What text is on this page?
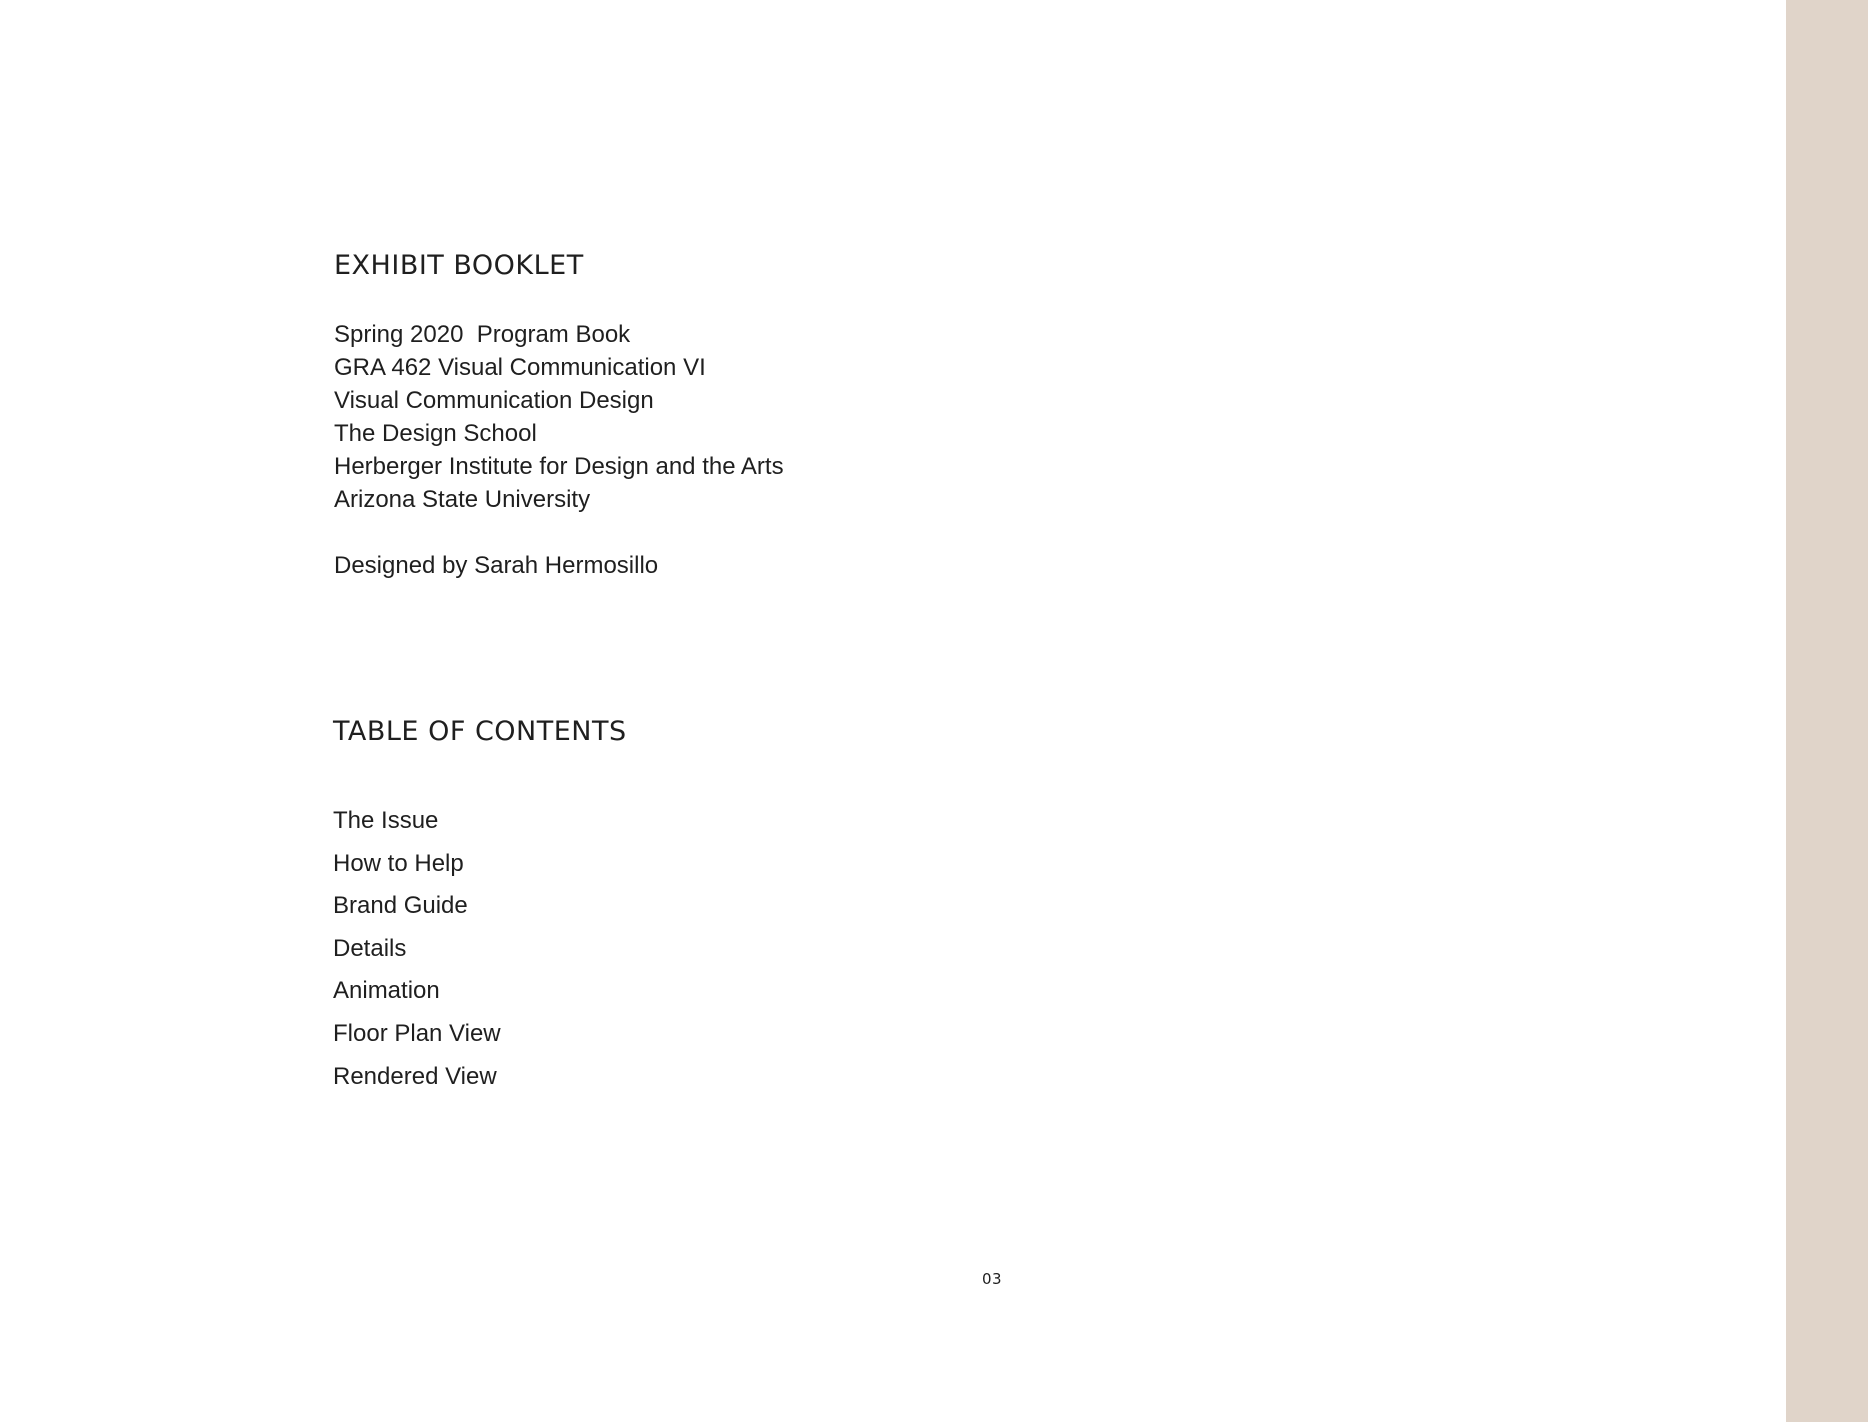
EXHIBIT BOOKLET
Spring 2020  Program Book
GRA 462 Visual Communication VI
Visual Communication Design
The Design School
Herberger Institute for Design and the Arts
Arizona State University

Designed by Sarah Hermosillo

TABLE OF CONTENTS
The Issue
How to Help
Brand Guide
Details
Animation
Floor Plan View
Rendered View

03
